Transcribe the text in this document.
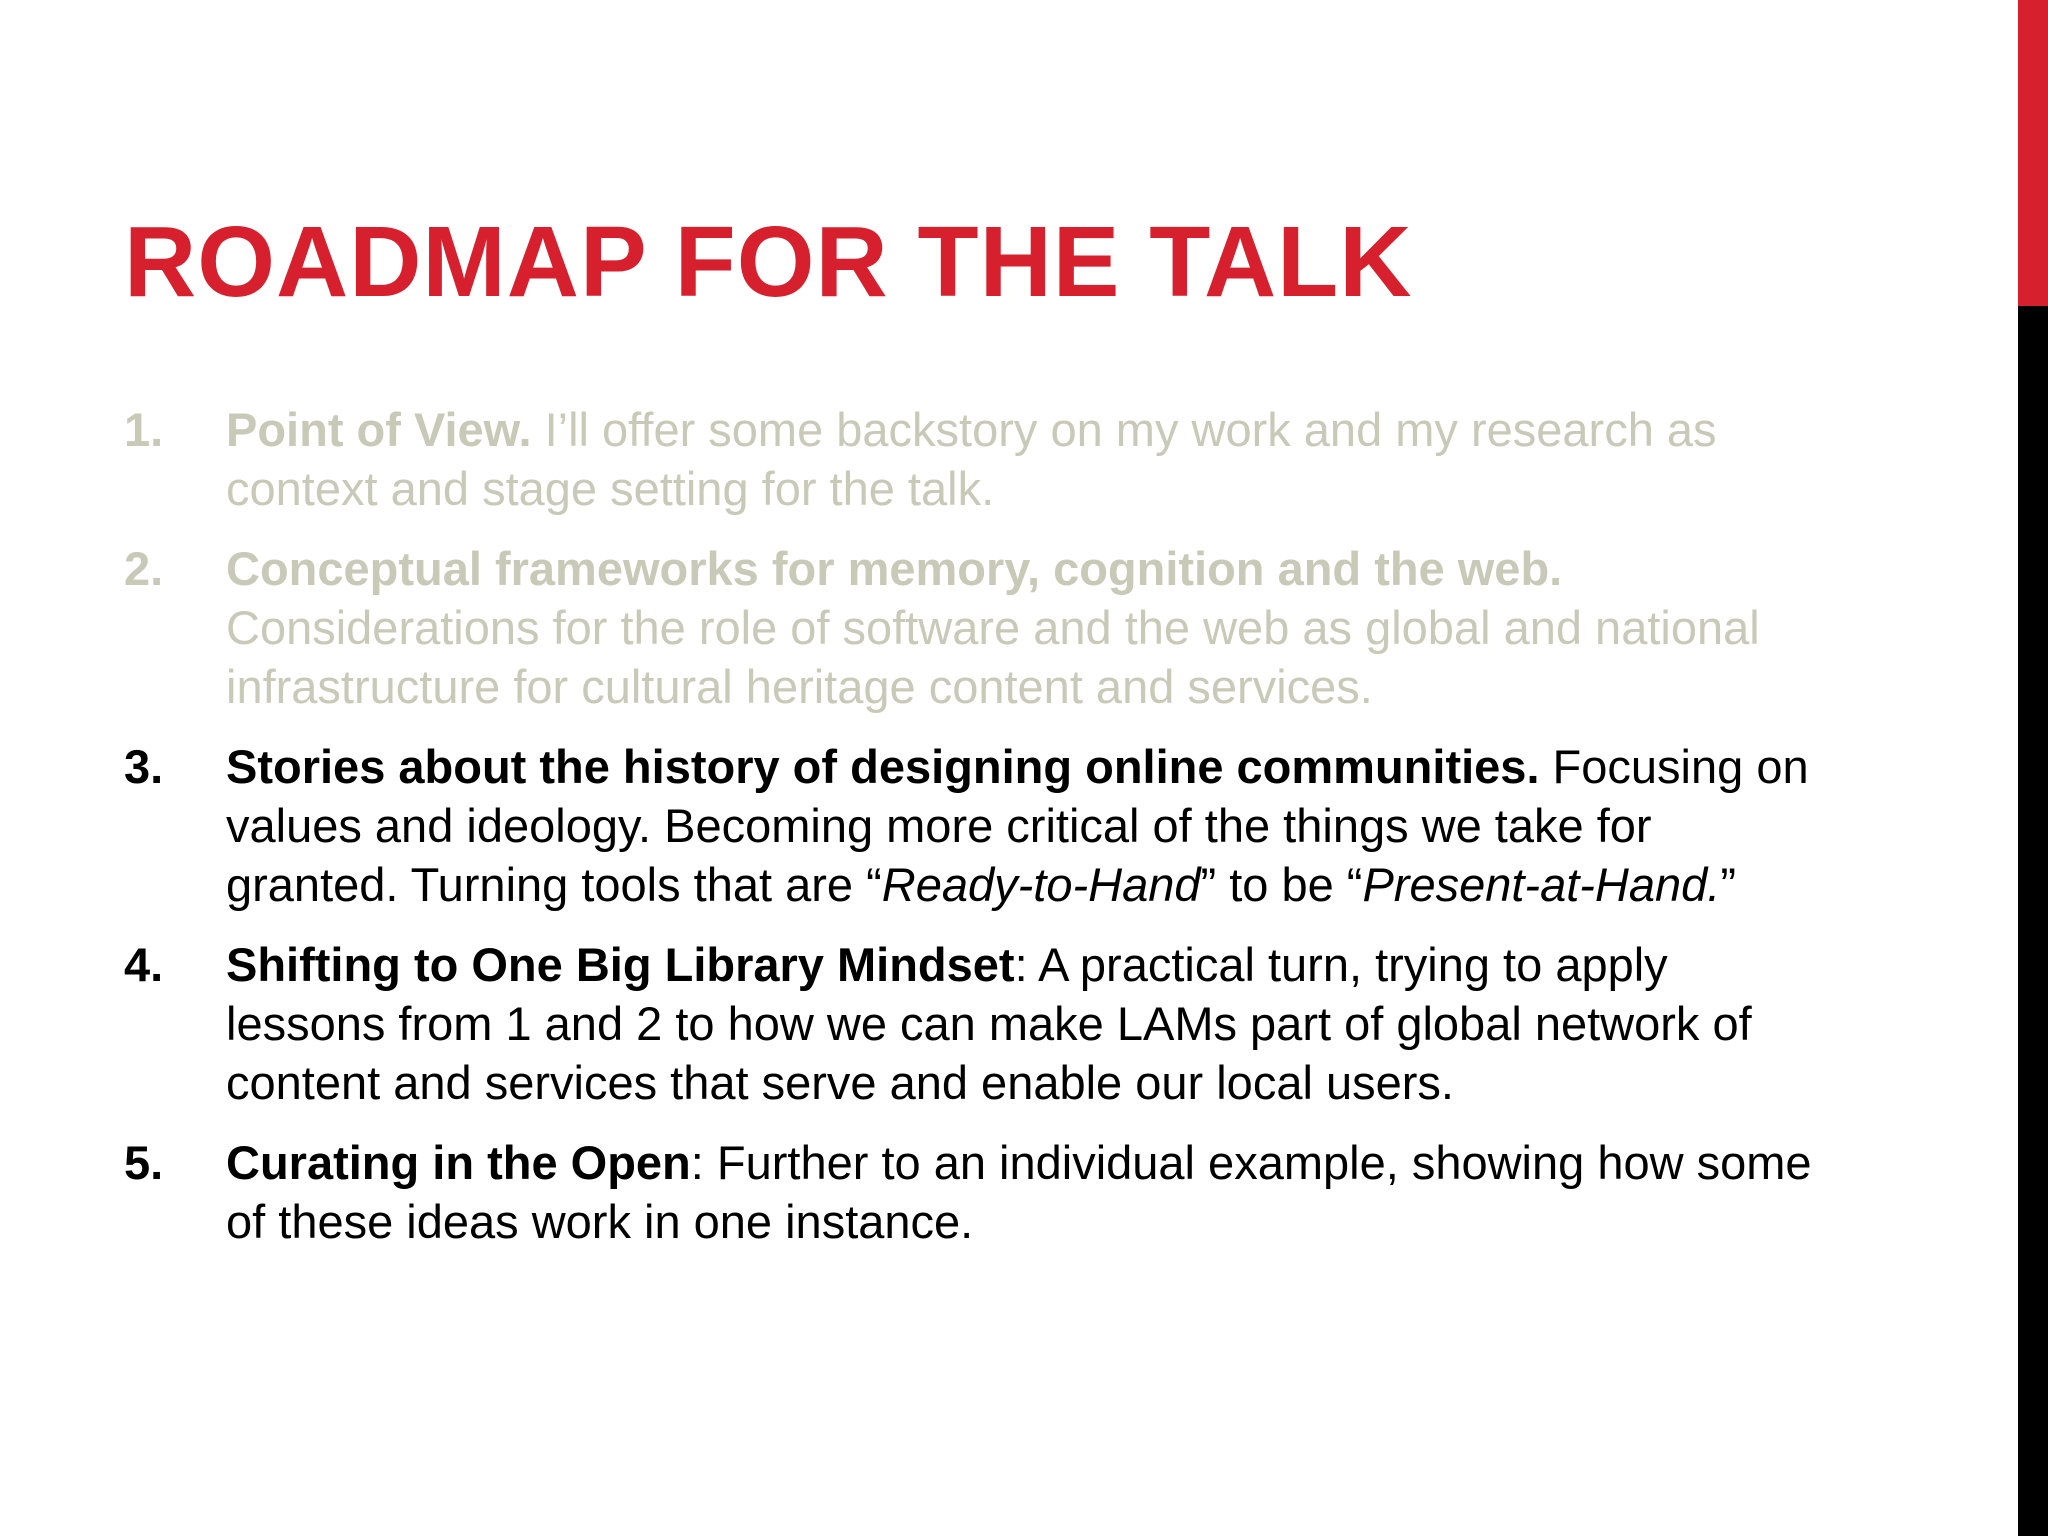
ROADMAP FOR THE TALK
1. Point of View. I’ll offer some backstory on my work and my research as context and stage setting for the talk.
2. Conceptual frameworks for memory, cognition and the web. Considerations for the role of software and the web as global and national infrastructure for cultural heritage content and services.
3. Stories about the history of designing online communities. Focusing on values and ideology. Becoming more critical of the things we take for granted. Turning tools that are “Ready-to-Hand” to be “Present-at-Hand.”
4. Shifting to One Big Library Mindset: A practical turn, trying to apply lessons from 1 and 2 to how we can make LAMs part of global network of content and services that serve and enable our local users.
5. Curating in the Open: Further to an individual example, showing how some of these ideas work in one instance.
